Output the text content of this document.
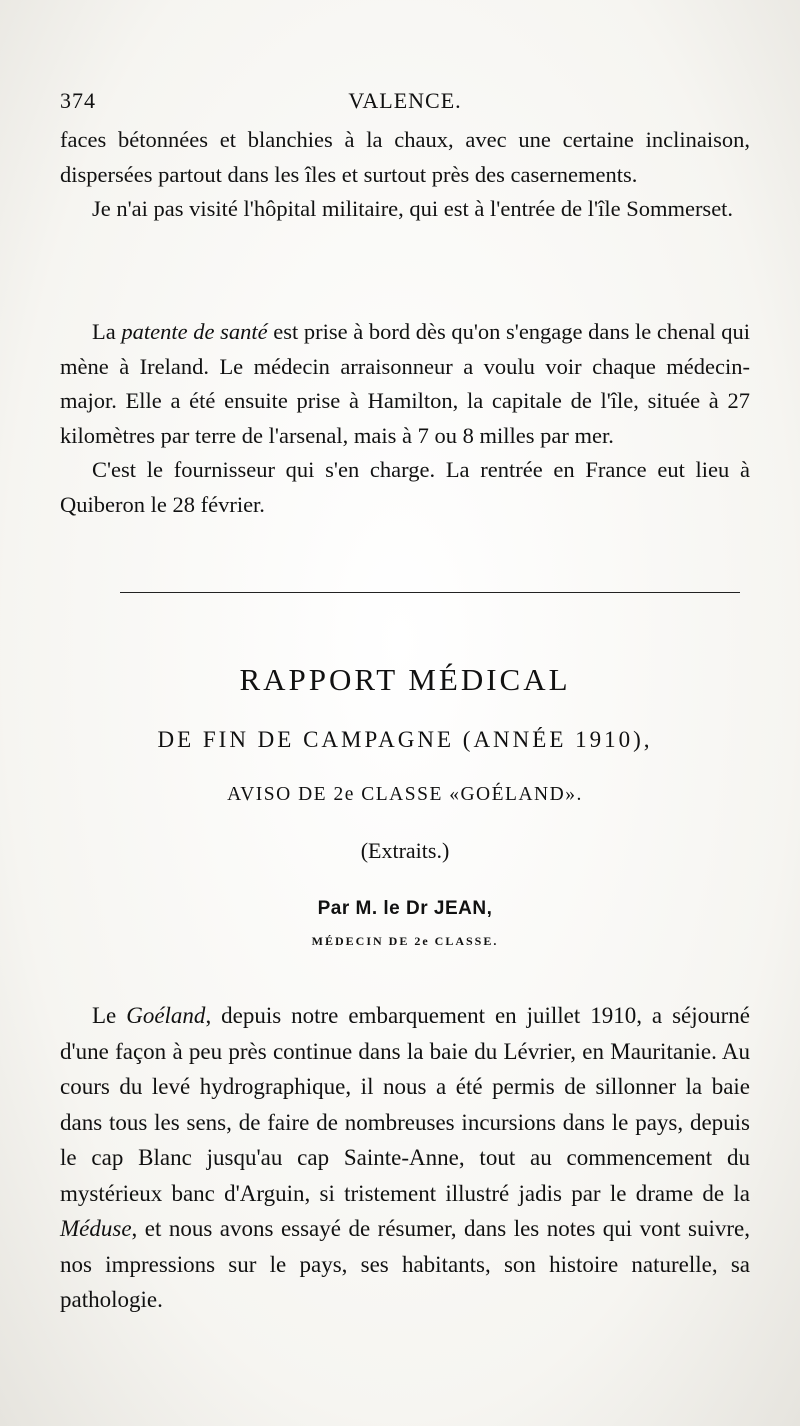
374	VALENCE.

faces bétonnées et blanchies à la chaux, avec une certaine inclinaison, dispersées partout dans les îles et surtout près des casernements.

Je n'ai pas visité l'hôpital militaire, qui est à l'entrée de l'île Sommerset.

La patente de santé est prise à bord dès qu'on s'engage dans le chenal qui mène à Ireland. Le médecin arraisonneur a voulu voir chaque médecin-major. Elle a été ensuite prise à Hamilton, la capitale de l'île, située à 27 kilomètres par terre de l'arsenal, mais à 7 ou 8 milles par mer.

C'est le fournisseur qui s'en charge. La rentrée en France eut lieu à Quiberon le 28 février.

RAPPORT MÉDICAL
DE FIN DE CAMPAGNE (ANNÉE 1910),
AVISO DE 2e CLASSE «GOÉLAND».
(Extraits.)
Par M. le Dr JEAN,
MÉDECIN DE 2e CLASSE.

Le Goéland, depuis notre embarquement en juillet 1910, a séjourné d'une façon à peu près continue dans la baie du Lévrier, en Mauritanie. Au cours du levé hydrographique, il nous a été permis de sillonner la baie dans tous les sens, de faire de nombreuses incursions dans le pays, depuis le cap Blanc jusqu'au cap Sainte-Anne, tout au commencement du mystérieux banc d'Arguin, si tristement illustré jadis par le drame de la Méduse, et nous avons essayé de résumer, dans les notes qui vont suivre, nos impressions sur le pays, ses habitants, son histoire naturelle, sa pathologie.
